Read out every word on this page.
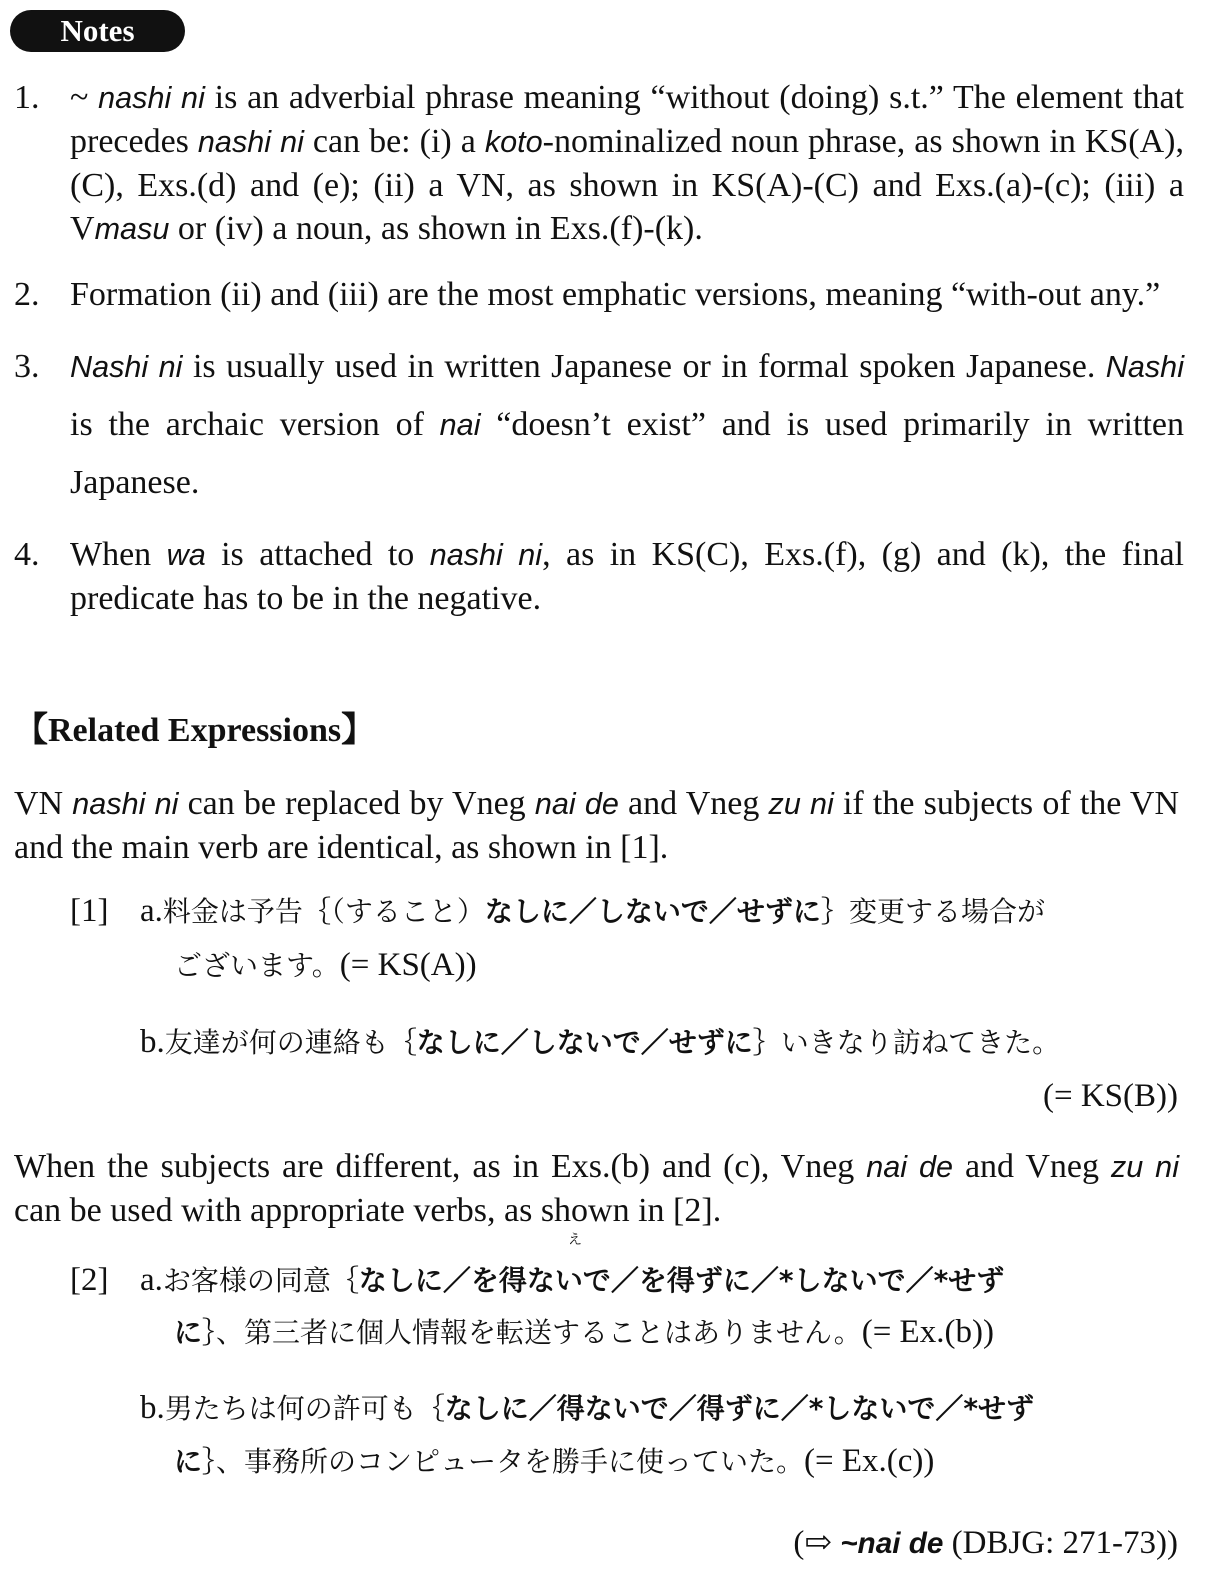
Notes
1. ~ nashi ni is an adverbial phrase meaning “without (doing) s.t.” The element that precedes nashi ni can be: (i) a koto-nominalized noun phrase, as shown in KS(A), (C), Exs.(d) and (e); (ii) a VN, as shown in KS(A)-(C) and Exs.(a)-(c); (iii) a Vmasu or (iv) a noun, as shown in Exs.(f)-(k).
2. Formation (ii) and (iii) are the most emphatic versions, meaning “with-out any.”
3. Nashi ni is usually used in written Japanese or in formal spoken Japanese. Nashi is the archaic version of nai “doesn’t exist” and is used primarily in written Japanese.
4. When wa is attached to nashi ni, as in KS(C), Exs.(f), (g) and (k), the final predicate has to be in the negative.
【Related Expressions】
VN nashi ni can be replaced by Vneg nai de and Vneg zu ni if the subjects of the VN and the main verb are identical, as shown in [1].
[1] a.料金は予告｛（すること）なしに／しないで／せずに｝変更する場合が
ございます。(= KS(A))
b.友達が何の連絡も｛なしに／しないで／せずに｝いきなり訪ねてきた。
(= KS(B))
When the subjects are different, as in Exs.(b) and (c), Vneg nai de and Vneg zu ni can be used with appropriate verbs, as shown in [2].
[2]
え
a.お客様の同意｛なしに／を得ないで／を得ずに／*しないで／*せず
に｝、第三者に個人情報を転送することはありません。(= Ex.(b))
b.男たちは何の許可も｛なしに／得ないで／得ずに／*しないで／*せず
に｝、事務所のコンピュータを勝手に使っていた。(= Ex.(c))
(⇨ ~nai de (DBJG: 271-73))
